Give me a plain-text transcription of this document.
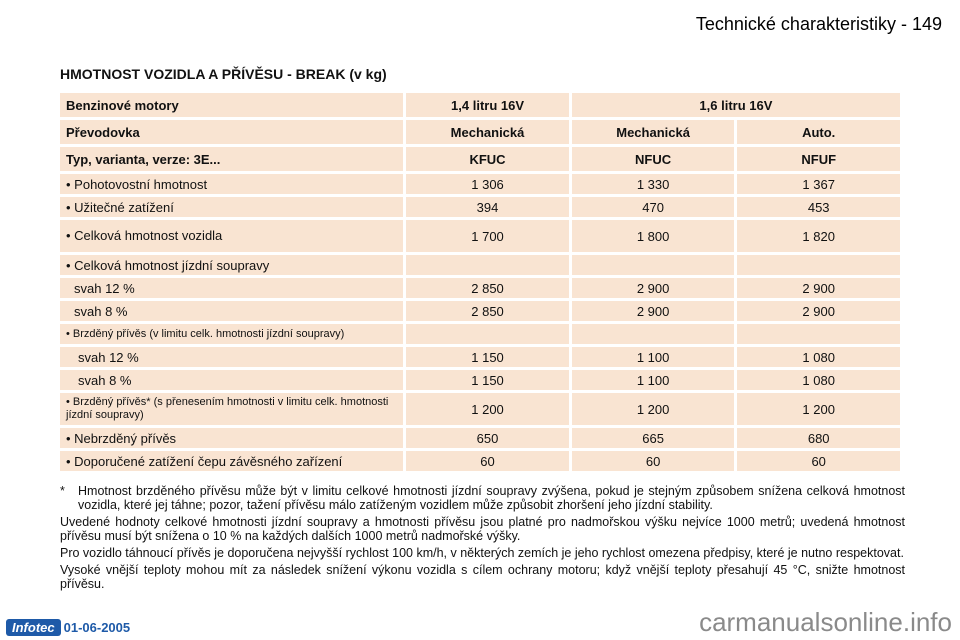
Technické charakteristiky - 149
HMOTNOST VOZIDLA A PŘÍVĚSU - BREAK (v kg)
Benzinové motory	1,4 litru 16V	1,6 litru 16V	
Převodovka	Mechanická	Mechanická	Auto.
Typ, varianta, verze: 3E...	KFUC	NFUC	NFUF
• Pohotovostní hmotnost	1 306	1 330	1 367
• Užitečné zatížení	394	470	453
• Celková hmotnost vozidla	1 700	1 800	1 820
• Celková hmotnost jízdní soupravy			
svah 12 %	2 850	2 900	2 900
svah 8 %	2 850	2 900	2 900
• Brzděný přívěs (v limitu celk. hmotnosti jízdní soupravy)			
svah 12 %	1 150	1 100	1 080
svah 8 %	1 150	1 100	1 080
• Brzděný přívěs* (s přenesením hmotnosti v limitu celk. hmotnosti jízdní soupravy)	1 200	1 200	1 200
• Nebrzděný přívěs	650	665	680
• Doporučené zatížení čepu závěsného zařízení	60	60	60

*	Hmotnost brzděného přívěsu může být v limitu celkové hmotnosti jízdní soupravy zvýšena, pokud je stejným způsobem snížena celková hmotnost vozidla, které jej táhne; pozor, tažení přívěsu málo zatíženým vozidlem může způsobit zhoršení jeho jízdní stability.

Uvedené hodnoty celkové hmotnosti jízdní soupravy a hmotnosti přívěsu jsou platné pro nadmořskou výšku nejvíce 1000 metrů; uvedená hmotnost přívěsu musí být snížena o 10 % na každých dalších 1000 metrů nadmořské výšky.

Pro vozidlo táhnoucí přívěs je doporučena nejvyšší rychlost 100 km/h, v některých zemích je jeho rychlost omezena předpisy, které je nutno respektovat.

Vysoké vnější teploty mohou mít za následek snížení výkonu vozidla s cílem ochrany motoru; když vnější teploty přesahují 45 °C, snižte hmotnost přívěsu.

Infotec 01-06-2005	carmanualsonline.info
